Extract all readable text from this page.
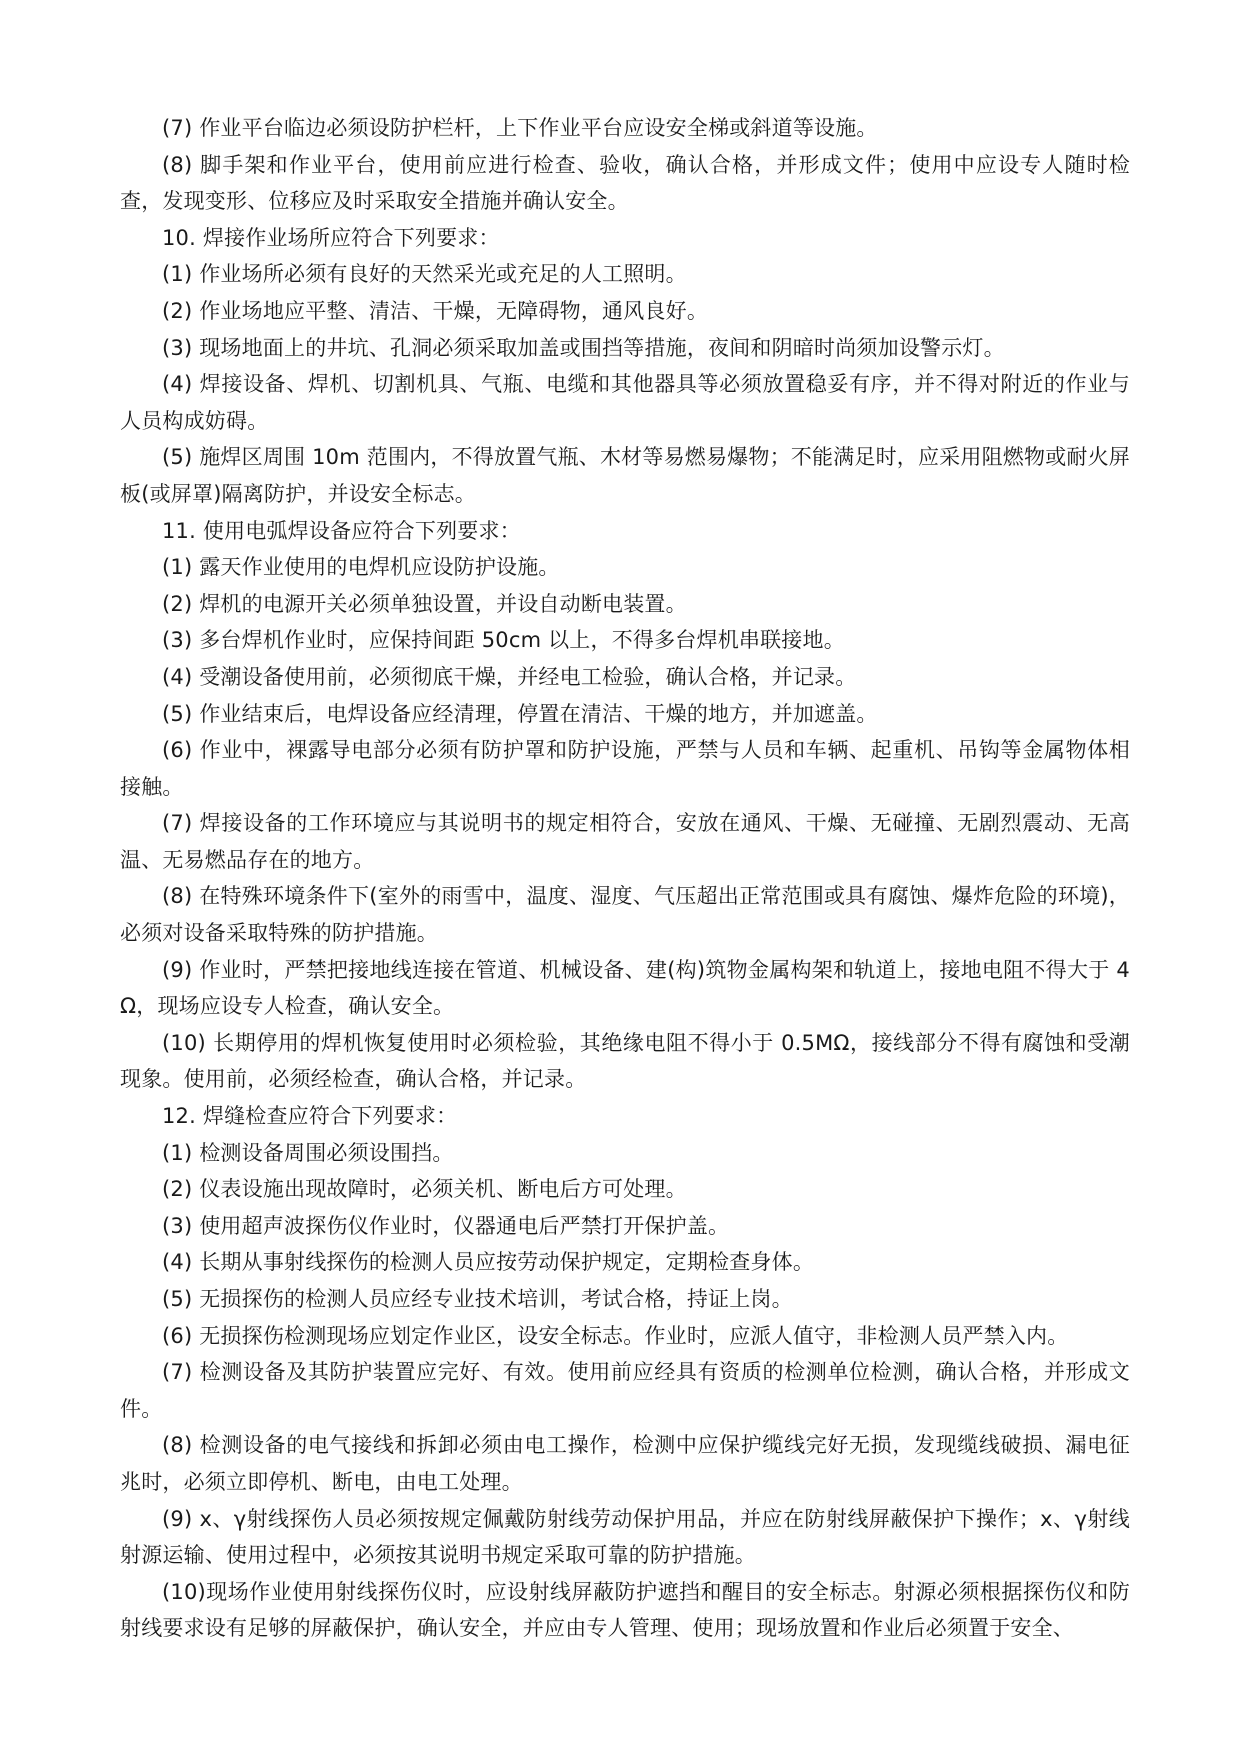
(7) 作业平台临边必须设防护栏杆，上下作业平台应设安全梯或斜道等设施。

(8) 脚手架和作业平台，使用前应进行检查、验收，确认合格，并形成文件；使用中应设专人随时检查，发现变形、位移应及时采取安全措施并确认安全。

10. 焊接作业场所应符合下列要求：

(1) 作业场所必须有良好的天然采光或充足的人工照明。

(2) 作业场地应平整、清洁、干燥，无障碍物，通风良好。

(3) 现场地面上的井坑、孔洞必须采取加盖或围挡等措施，夜间和阴暗时尚须加设警示灯。

(4) 焊接设备、焊机、切割机具、气瓶、电缆和其他器具等必须放置稳妥有序，并不得对附近的作业与人员构成妨碍。

(5) 施焊区周围 10m 范围内，不得放置气瓶、木材等易燃易爆物；不能满足时，应采用阻燃物或耐火屏板(或屏罩)隔离防护，并设安全标志。

11. 使用电弧焊设备应符合下列要求：

(1) 露天作业使用的电焊机应设防护设施。

(2) 焊机的电源开关必须单独设置，并设自动断电装置。

(3) 多台焊机作业时，应保持间距 50cm 以上，不得多台焊机串联接地。

(4) 受潮设备使用前，必须彻底干燥，并经电工检验，确认合格，并记录。

(5) 作业结束后，电焊设备应经清理，停置在清洁、干燥的地方，并加遮盖。

(6) 作业中，裸露导电部分必须有防护罩和防护设施，严禁与人员和车辆、起重机、吊钩等金属物体相接触。

(7) 焊接设备的工作环境应与其说明书的规定相符合，安放在通风、干燥、无碰撞、无剧烈震动、无高温、无易燃品存在的地方。

(8) 在特殊环境条件下(室外的雨雪中，温度、湿度、气压超出正常范围或具有腐蚀、爆炸危险的环境)，必须对设备采取特殊的防护措施。

(9) 作业时，严禁把接地线连接在管道、机械设备、建(构)筑物金属构架和轨道上，接地电阻不得大于 4Ω，现场应设专人检查，确认安全。

(10) 长期停用的焊机恢复使用时必须检验，其绝缘电阻不得小于 0.5MΩ，接线部分不得有腐蚀和受潮现象。使用前，必须经检查，确认合格，并记录。

12. 焊缝检查应符合下列要求：

(1) 检测设备周围必须设围挡。

(2) 仪表设施出现故障时，必须关机、断电后方可处理。

(3) 使用超声波探伤仪作业时，仪器通电后严禁打开保护盖。

(4) 长期从事射线探伤的检测人员应按劳动保护规定，定期检查身体。

(5) 无损探伤的检测人员应经专业技术培训，考试合格，持证上岗。

(6) 无损探伤检测现场应划定作业区，设安全标志。作业时，应派人值守，非检测人员严禁入内。

(7) 检测设备及其防护装置应完好、有效。使用前应经具有资质的检测单位检测，确认合格，并形成文件。

(8) 检测设备的电气接线和拆卸必须由电工操作，检测中应保护缆线完好无损，发现缆线破损、漏电征兆时，必须立即停机、断电，由电工处理。

(9) x、γ射线探伤人员必须按规定佩戴防射线劳动保护用品，并应在防射线屏蔽保护下操作；x、γ射线射源运输、使用过程中，必须按其说明书规定采取可靠的防护措施。

(10)现场作业使用射线探伤仪时，应设射线屏蔽防护遮挡和醒目的安全标志。射源必须根据探伤仪和防射线要求设有足够的屏蔽保护，确认安全，并应由专人管理、使用；现场放置和作业后必须置于安全、
